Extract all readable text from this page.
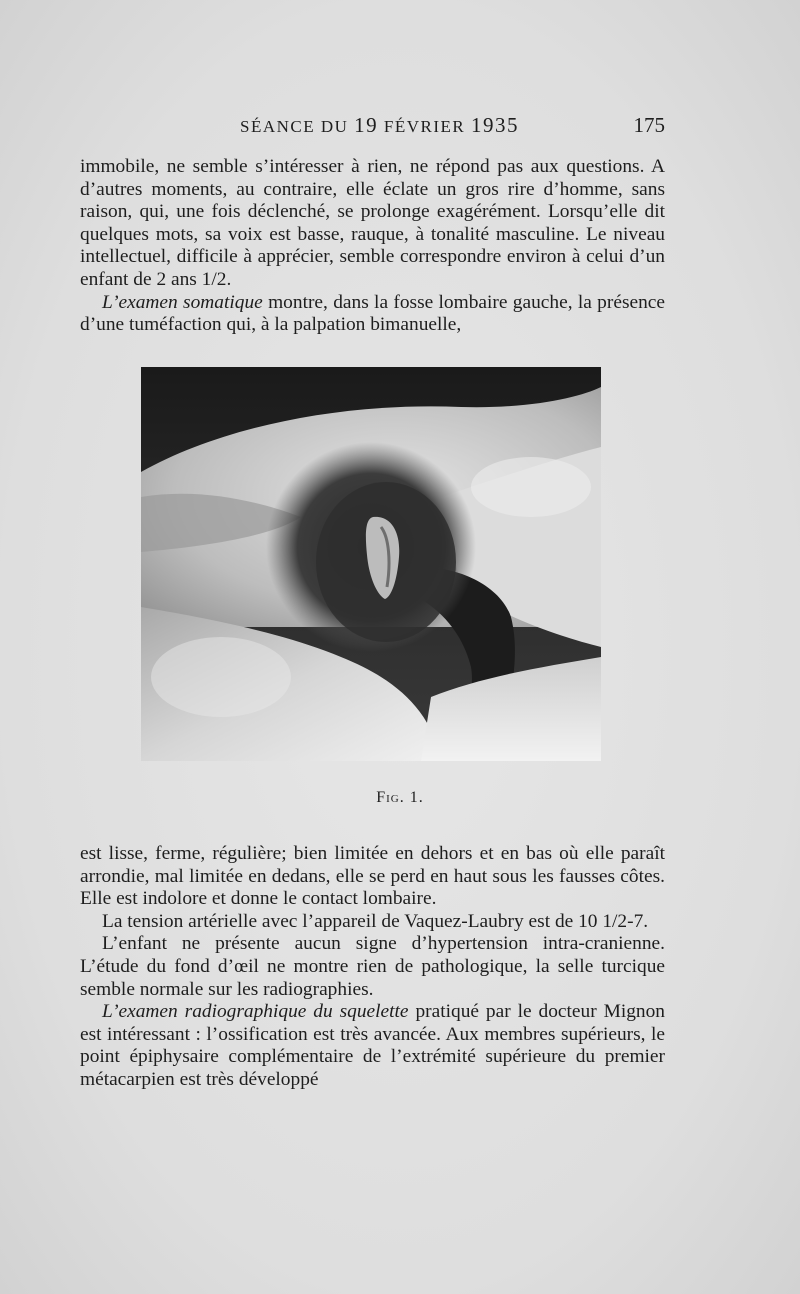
SÉANCE DU 19 FÉVRIER 1935	175

immobile, ne semble s’intéresser à rien, ne répond pas aux questions. A d’autres moments, au contraire, elle éclate un gros rire d’homme, sans raison, qui, une fois déclenché, se prolonge exagérément. Lorsqu’elle dit quelques mots, sa voix est basse, rauque, à tonalité masculine. Le niveau intellectuel, difficile à apprécier, semble correspondre environ à celui d’un enfant de 2 ans 1/2.

L’examen somatique montre, dans la fosse lombaire gauche, la présence d’une tuméfaction qui, à la palpation bimanuelle,

Fig. 1.

est lisse, ferme, régulière; bien limitée en dehors et en bas où elle paraît arrondie, mal limitée en dedans, elle se perd en haut sous les fausses côtes. Elle est indolore et donne le contact lombaire.

La tension artérielle avec l’appareil de Vaquez-Laubry est de 10 1/2-7.

L’enfant ne présente aucun signe d’hypertension intra-cranienne. L’étude du fond d’œil ne montre rien de pathologique, la selle turcique semble normale sur les radiographies.

L’examen radiographique du squelette pratiqué par le docteur Mignon est intéressant : l’ossification est très avancée. Aux membres supérieurs, le point épiphysaire complémentaire de l’extrémité supérieure du premier métacarpien est très développé
